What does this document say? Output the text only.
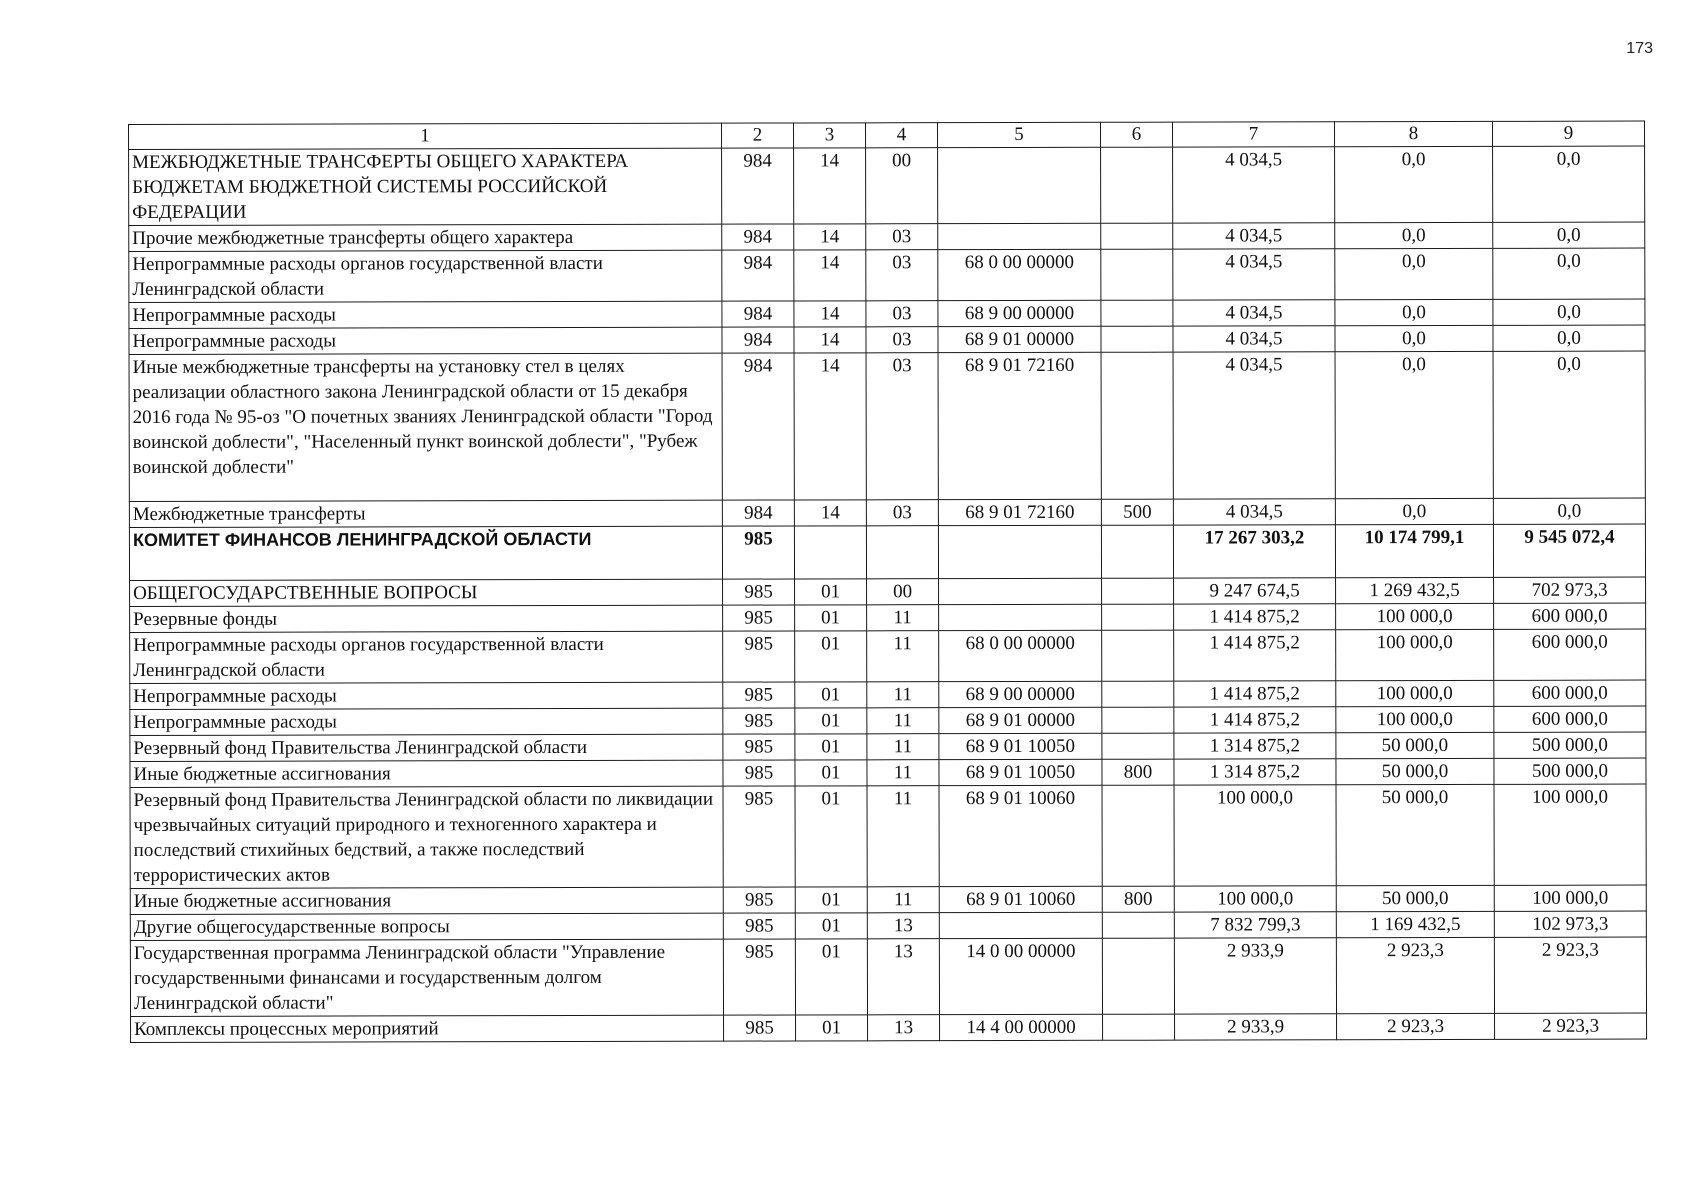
173
1	2	3	4	5	6	7	8	9
МЕЖБЮДЖЕТНЫЕ ТРАНСФЕРТЫ ОБЩЕГО ХАРАКТЕРА БЮДЖЕТАМ БЮДЖЕТНОЙ СИСТЕМЫ РОССИЙСКОЙ ФЕДЕРАЦИИ	984	14	00			4 034,5	0,0	0,0
Прочие межбюджетные трансферты общего характера	984	14	03			4 034,5	0,0	0,0
Непрограммные расходы органов государственной власти Ленинградской области	984	14	03	68 0 00 00000		4 034,5	0,0	0,0
Непрограммные расходы	984	14	03	68 9 00 00000		4 034,5	0,0	0,0
Непрограммные расходы	984	14	03	68 9 01 00000		4 034,5	0,0	0,0
Иные межбюджетные трансферты на установку стел в целях реализации областного закона Ленинградской области от 15 декабря 2016 года № 95-оз "О почетных званиях Ленинградской области "Город воинской доблести", "Населенный пункт воинской доблести", "Рубеж воинской доблести"	984	14	03	68 9 01 72160		4 034,5	0,0	0,0
Межбюджетные трансферты	984	14	03	68 9 01 72160	500	4 034,5	0,0	0,0
КОМИТЕТ ФИНАНСОВ ЛЕНИНГРАДСКОЙ ОБЛАСТИ	985					17 267 303,2	10 174 799,1	9 545 072,4
ОБЩЕГОСУДАРСТВЕННЫЕ ВОПРОСЫ	985	01	00			9 247 674,5	1 269 432,5	702 973,3
Резервные фонды	985	01	11			1 414 875,2	100 000,0	600 000,0
Непрограммные расходы органов государственной власти Ленинградской области	985	01	11	68 0 00 00000		1 414 875,2	100 000,0	600 000,0
Непрограммные расходы	985	01	11	68 9 00 00000		1 414 875,2	100 000,0	600 000,0
Непрограммные расходы	985	01	11	68 9 01 00000		1 414 875,2	100 000,0	600 000,0
Резервный фонд Правительства Ленинградской области	985	01	11	68 9 01 10050		1 314 875,2	50 000,0	500 000,0
Иные бюджетные ассигнования	985	01	11	68 9 01 10050	800	1 314 875,2	50 000,0	500 000,0
Резервный фонд Правительства Ленинградской области по ликвидации чрезвычайных ситуаций природного и техногенного характера и последствий стихийных бедствий, а также последствий террористических актов	985	01	11	68 9 01 10060		100 000,0	50 000,0	100 000,0
Иные бюджетные ассигнования	985	01	11	68 9 01 10060	800	100 000,0	50 000,0	100 000,0
Другие общегосударственные вопросы	985	01	13			7 832 799,3	1 169 432,5	102 973,3
Государственная программа Ленинградской области "Управление государственными финансами и государственным долгом Ленинградской области"	985	01	13	14 0 00 00000		2 933,9	2 923,3	2 923,3
Комплексы процессных мероприятий	985	01	13	14 4 00 00000		2 933,9	2 923,3	2 923,3
